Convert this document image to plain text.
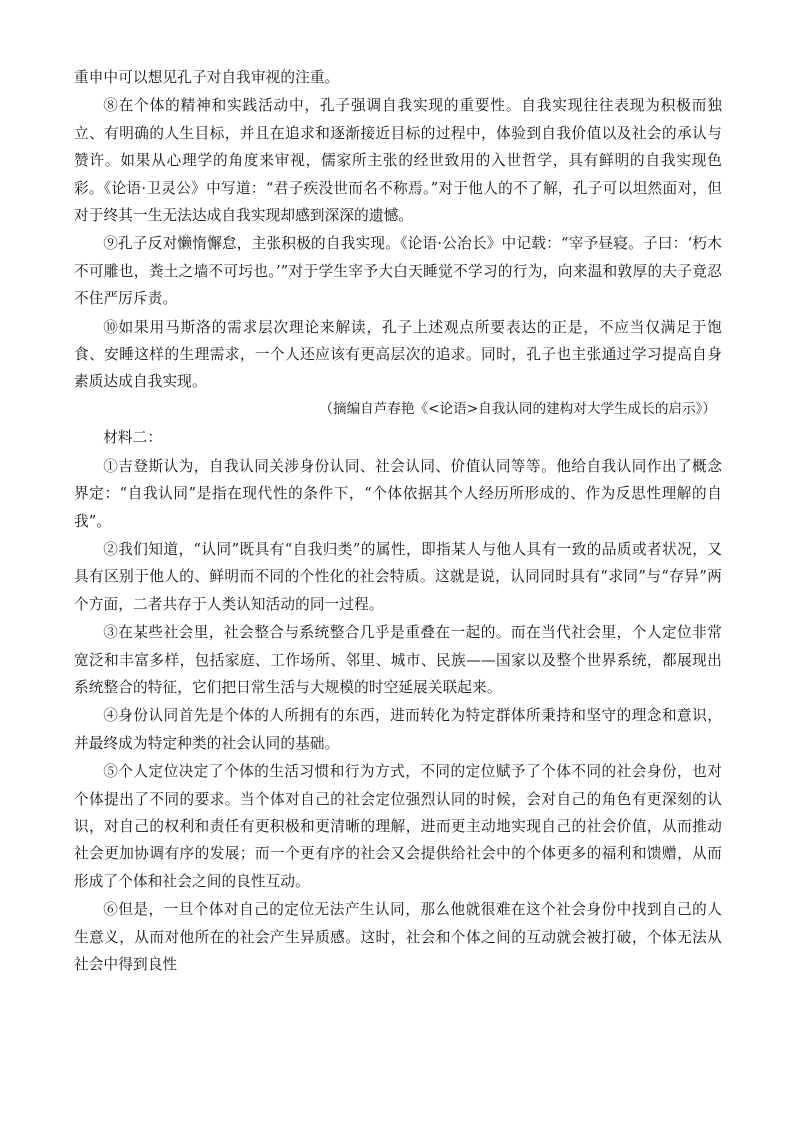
重申中可以想见孔子对自我审视的注重。

⑧在个体的精神和实践活动中，孔子强调自我实现的重要性。自我实现往往表现为积极而独立、有明确的人生目标，并且在追求和逐渐接近目标的过程中，体验到自我价值以及社会的承认与赞许。如果从心理学的角度来审视，儒家所主张的经世致用的入世哲学，具有鲜明的自我实现色彩。《论语·卫灵公》中写道：“君子疾没世而名不称焉。”对于他人的不了解，孔子可以坦然面对，但对于终其一生无法达成自我实现却感到深深的遗憾。

⑨孔子反对懒惰懈怠，主张积极的自我实现。《论语·公冶长》中记载：“宰予昼寝。子曰：‘朽木不可雕也，粪土之墙不可圬也。’”对于学生宰予大白天睡觉不学习的行为，向来温和敦厚的夫子竟忍不住严厉斥责。

⑩如果用马斯洛的需求层次理论来解读，孔子上述观点所要表达的正是，不应当仅满足于饱食、安睡这样的生理需求，一个人还应该有更高层次的追求。同时，孔子也主张通过学习提高自身素质达成自我实现。

（摘编自芦春艳《<论语>自我认同的建构对大学生成长的启示》）

材料二：

①吉登斯认为，自我认同关涉身份认同、社会认同、价值认同等等。他给自我认同作出了概念界定：“自我认同”是指在现代性的条件下，“个体依据其个人经历所形成的、作为反思性理解的自我”。

②我们知道，“认同”既具有“自我归类”的属性，即指某人与他人具有一致的品质或者状况，又具有区别于他人的、鲜明而不同的个性化的社会特质。这就是说，认同同时具有“求同”与“存异”两个方面，二者共存于人类认知活动的同一过程。

③在某些社会里，社会整合与系统整合几乎是重叠在一起的。而在当代社会里，个人定位非常宽泛和丰富多样，包括家庭、工作场所、邻里、城市、民族——国家以及整个世界系统，都展现出系统整合的特征，它们把日常生活与大规模的时空延展关联起来。

④身份认同首先是个体的人所拥有的东西，进而转化为特定群体所秉持和坚守的理念和意识，并最终成为特定种类的社会认同的基础。

⑤个人定位决定了个体的生活习惯和行为方式，不同的定位赋予了个体不同的社会身份，也对个体提出了不同的要求。当个体对自己的社会定位强烈认同的时候，会对自己的角色有更深刻的认识，对自己的权利和责任有更积极和更清晰的理解，进而更主动地实现自己的社会价值，从而推动社会更加协调有序的发展；而一个更有序的社会又会提供给社会中的个体更多的福利和馈赠，从而形成了个体和社会之间的良性互动。

⑥但是，一旦个体对自己的定位无法产生认同，那么他就很难在这个社会身份中找到自己的人生意义，从而对他所在的社会产生异质感。这时，社会和个体之间的互动就会被打破，个体无法从社会中得到良性
